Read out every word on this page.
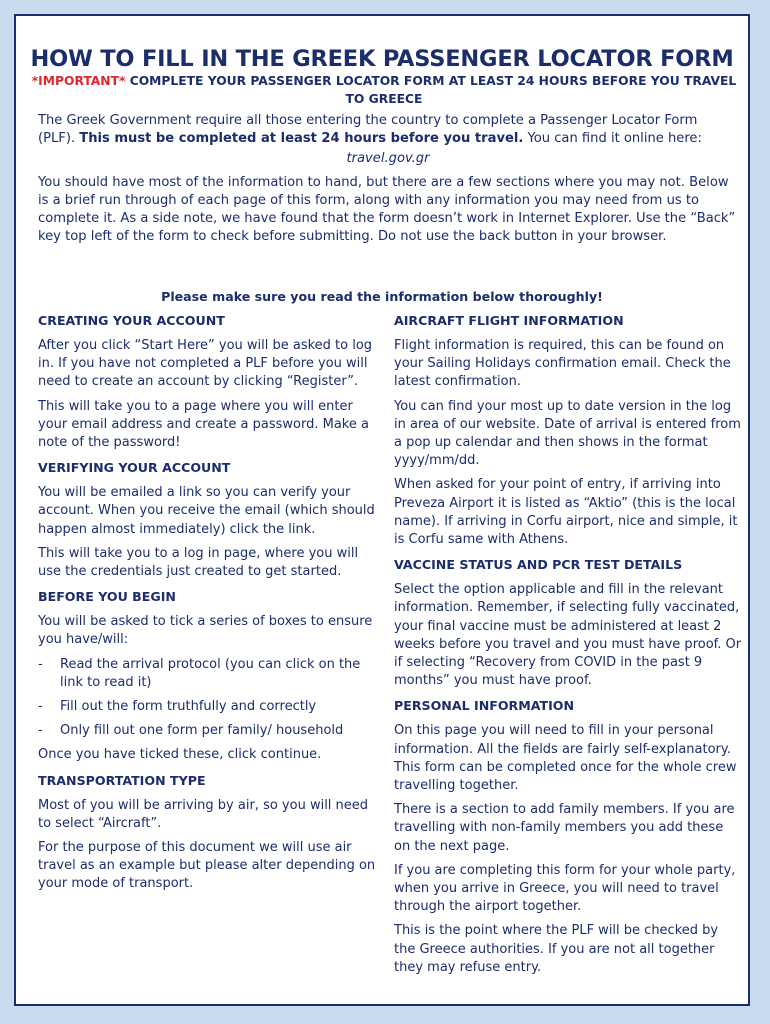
HOW TO FILL IN THE GREEK PASSENGER LOCATOR FORM
*IMPORTANT* COMPLETE YOUR PASSENGER LOCATOR FORM AT LEAST 24 HOURS BEFORE YOU TRAVEL TO GREECE

The Greek Government require all those entering the country to complete a Passenger Locator Form (PLF). This must be completed at least 24 hours before you travel. You can find it online here:

travel.gov.gr

You should have most of the information to hand, but there are a few sections where you may not. Below is a brief run through of each page of this form, along with any information you may need from us to complete it. As a side note, we have found that the form doesn’t work in Internet Explorer. Use the “Back” key top left of the form to check before submitting. Do not use the back button in your browser.

Please make sure you read the information below thoroughly!
CREATING YOUR ACCOUNT

After you click “Start Here” you will be asked to log in. If you have not completed a PLF before you will need to create an account by clicking “Register”.

This will take you to a page where you will enter your email address and create a password. Make a note of the password!

VERIFYING YOUR ACCOUNT

You will be emailed a link so you can verify your account. When you receive the email (which should happen almost immediately) click the link.

This will take you to a log in page, where you will use the credentials just created to get started.

BEFORE YOU BEGIN

You will be asked to tick a series of boxes to ensure you have/will:

- Read the arrival protocol (you can click on the link to read it)
- Fill out the form truthfully and correctly
- Only fill out one form per family/ household

Once you have ticked these, click continue.

TRANSPORTATION TYPE

Most of you will be arriving by air, so you will need to select “Aircraft”.

For the purpose of this document we will use air travel as an example but please alter depending on your mode of transport.

AIRCRAFT FLIGHT INFORMATION

Flight information is required, this can be found on your Sailing Holidays confirmation email. Check the latest confirmation.

You can find your most up to date version in the log in area of our website. Date of arrival is entered from a pop up calendar and then shows in the format yyyy/mm/dd.

When asked for your point of entry, if arriving into Preveza Airport it is listed as “Aktio” (this is the local name). If arriving in Corfu airport, nice and simple, it is Corfu same with Athens.

VACCINE STATUS AND PCR TEST DETAILS

Select the option applicable and fill in the relevant information. Remember, if selecting fully vaccinated, your final vaccine must be administered at least 2 weeks before you travel and you must have proof. Or if selecting “Recovery from COVID in the past 9 months” you must have proof.

PERSONAL INFORMATION

On this page you will need to fill in your personal information. All the fields are fairly self-explanatory. This form can be completed once for the whole crew travelling together.

There is a section to add family members. If you are travelling with non-family members you add these on the next page.

If you are completing this form for your whole party, when you arrive in Greece, you will need to travel through the airport together.

This is the point where the PLF will be checked by the Greece authorities. If you are not all together they may refuse entry.
